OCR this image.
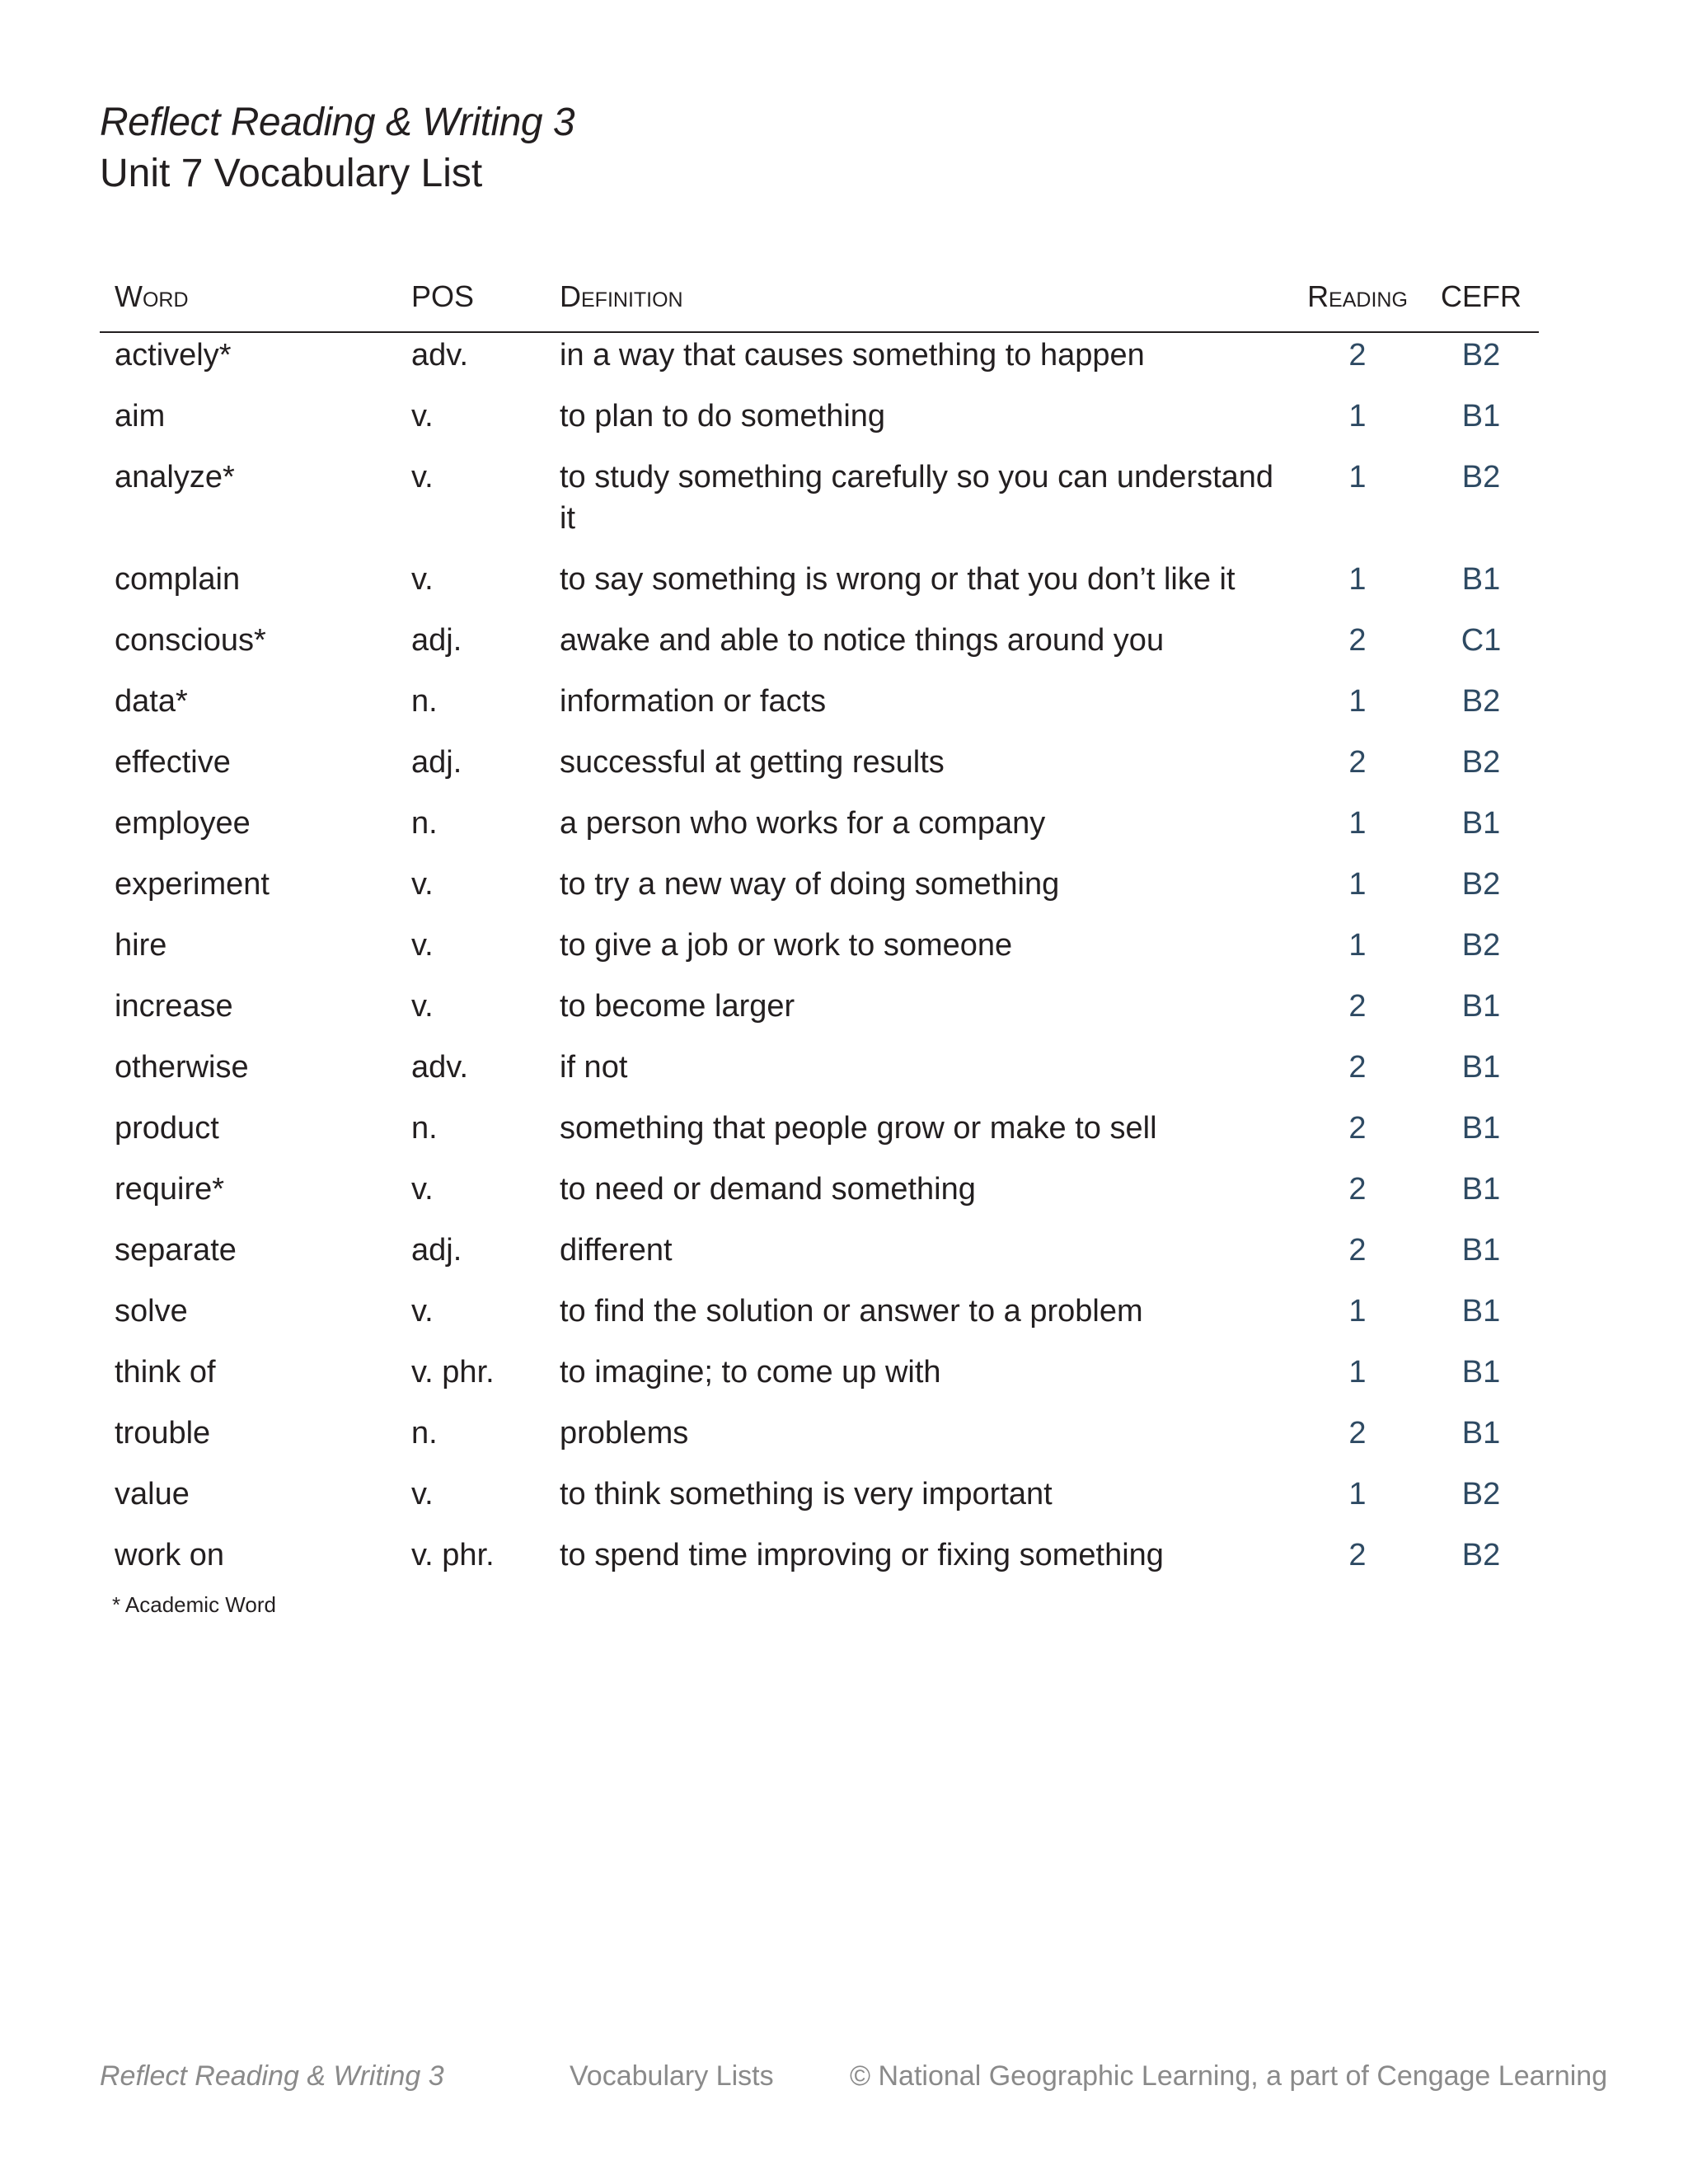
Reflect Reading & Writing 3
Unit 7 Vocabulary List
Word	POS	Definition	Reading	CEFR
actively*	adv.	in a way that causes something to happen	2	B2
aim	v.	to plan to do something	1	B1
analyze*	v.	to study something carefully so you can understand it	1	B2
complain	v.	to say something is wrong or that you don’t like it	1	B1
conscious*	adj.	awake and able to notice things around you	2	C1
data*	n.	information or facts	1	B2
effective	adj.	successful at getting results	2	B2
employee	n.	a person who works for a company	1	B1
experiment	v.	to try a new way of doing something	1	B2
hire	v.	to give a job or work to someone	1	B2
increase	v.	to become larger	2	B1
otherwise	adv.	if not	2	B1
product	n.	something that people grow or make to sell	2	B1
require*	v.	to need or demand something	2	B1
separate	adj.	different	2	B1
solve	v.	to find the solution or answer to a problem	1	B1
think of	v. phr.	to imagine; to come up with	1	B1
trouble	n.	problems	2	B1
value	v.	to think something is very important	1	B2
work on	v. phr.	to spend time improving or fixing something	2	B2

* Academic Word

Reflect Reading & Writing 3	Vocabulary Lists	© National Geographic Learning, a part of Cengage Learning
